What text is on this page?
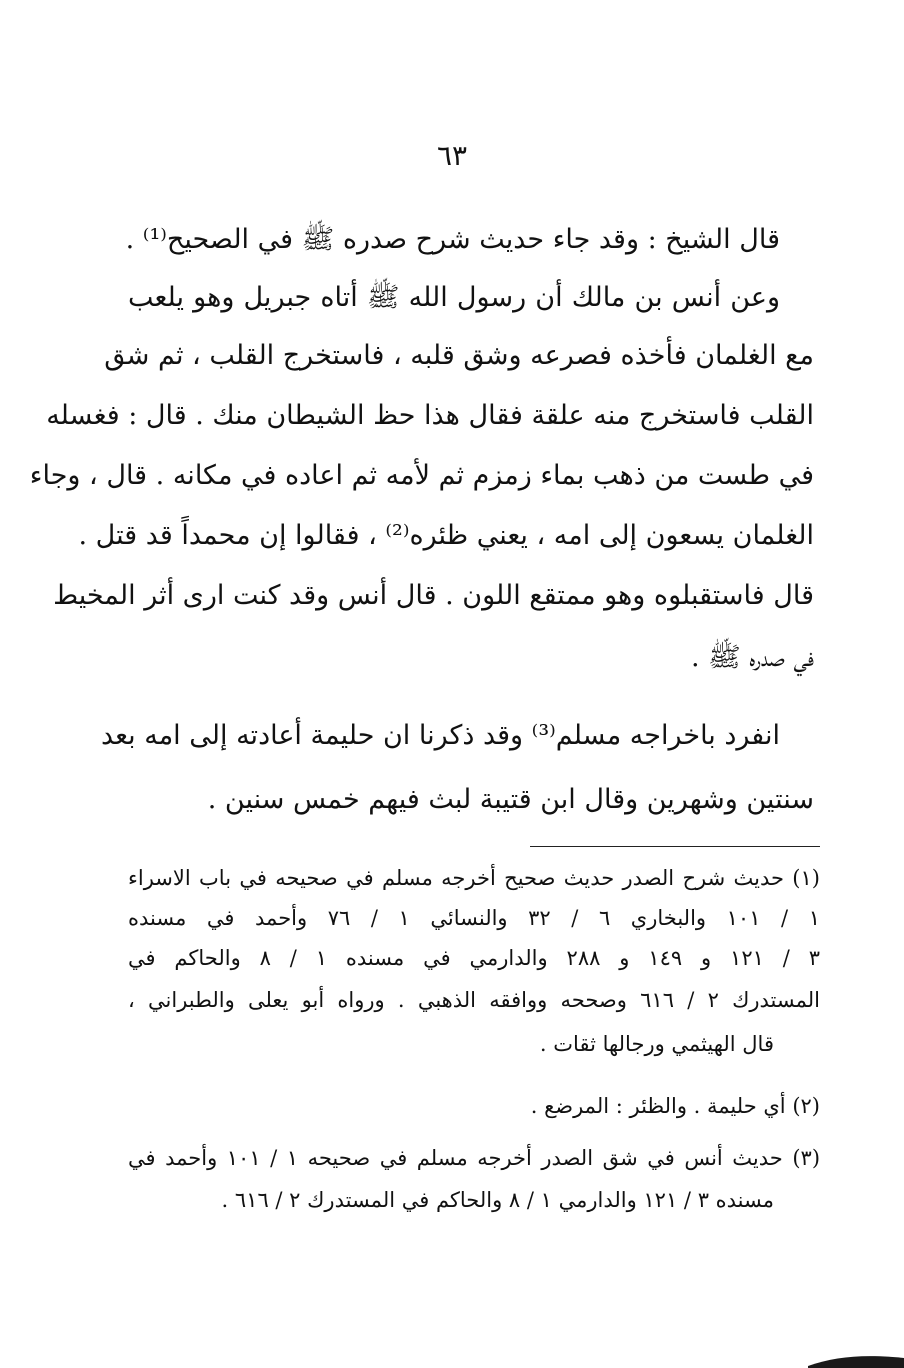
٦٣
قال الشيخ : وقد جاء حديث شرح صدره ﷺ في الصحيح⁽¹⁾ .
وعن أنس بن مالك أن رسول الله ﷺ أتاه جبريل وهو يلعب
مع الغلمان فأخذه فصرعه وشق قلبه ، فاستخرج القلب ، ثم شق
القلب فاستخرج منه علقة فقال هذا حظ الشيطان منك . قال : فغسله
في طست من ذهب بماء زمزم ثم لأمه ثم اعاده في مكانه . قال ، وجاء
الغلمان يسعون إلى امه ، يعني ظئره⁽²⁾ ، فقالوا إن محمداً قد قتل .
قال فاستقبلوه وهو ممتقع اللون . قال أنس وقد كنت ارى أثر المخيط
في صدره ﷺ .
انفرد باخراجه مسلم⁽³⁾ وقد ذكرنا ان حليمة أعادته إلى امه بعد
سنتين وشهرين وقال ابن قتيبة لبث فيهم خمس سنين .
(١) حديث شرح الصدر حديث صحيح أخرجه مسلم في صحيحه في باب الاسراء
١ / ١٠١ والبخاري ٦ / ٣٢ والنسائي ١ / ٧٦ وأحمد في مسنده
٣ / ١٢١ و ١٤٩ و ٢٨٨ والدارمي في مسنده ١ / ٨ والحاكم في
المستدرك ٢ / ٦١٦ وصححه ووافقه الذهبي . ورواه أبو يعلى والطبراني ،
قال الهيثمي ورجالها ثقات .
(٢) أي حليمة . والظئر : المرضع .
(٣) حديث أنس في شق الصدر أخرجه مسلم في صحيحه ١ / ١٠١ وأحمد في
مسنده ٣ / ١٢١ والدارمي ١ / ٨ والحاكم في المستدرك ٢ / ٦١٦ .
